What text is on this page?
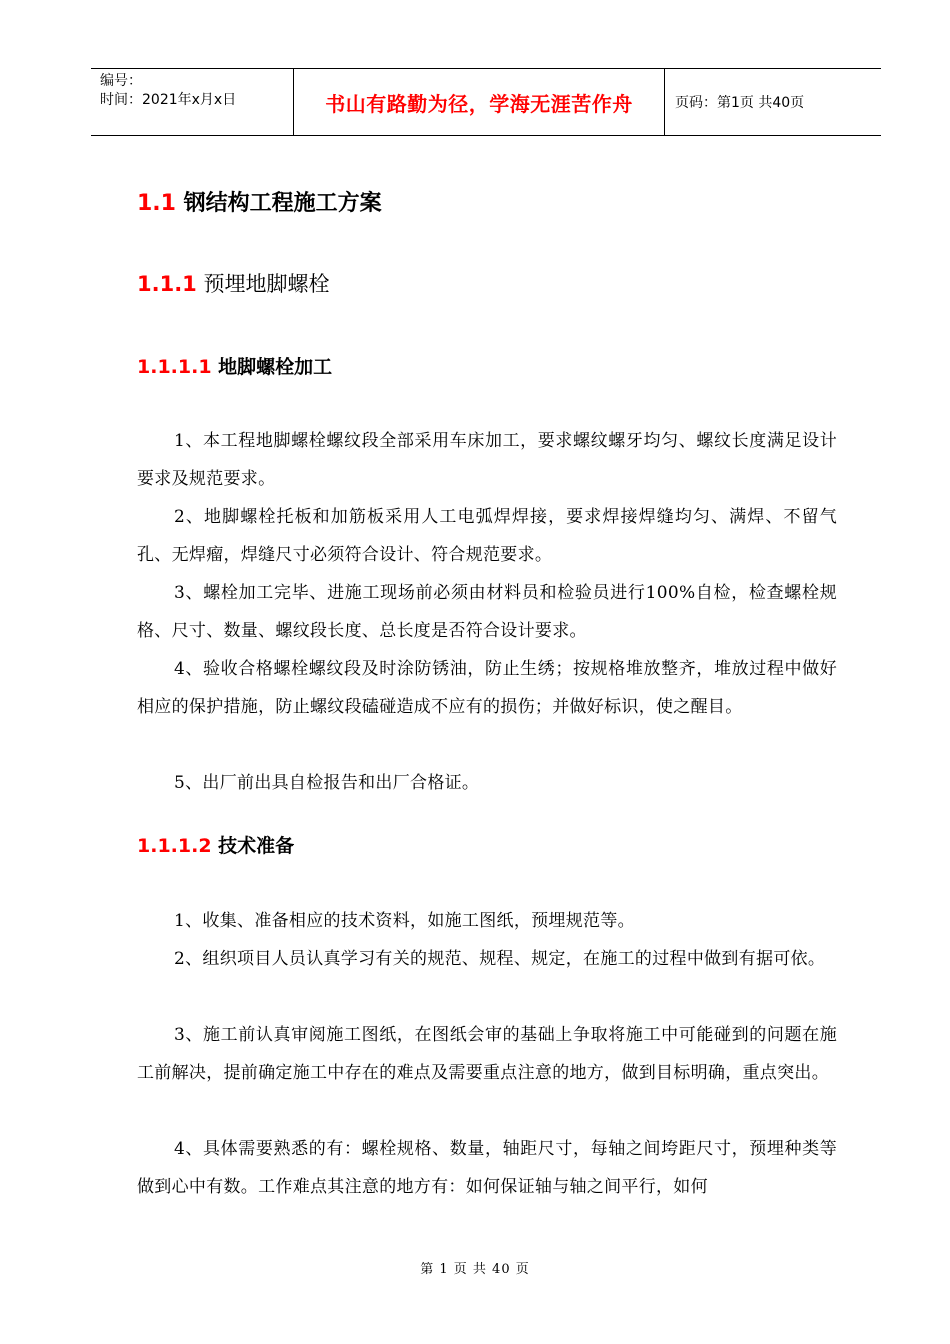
编号：
时间：2021年x月x日	书山有路勤为径，学海无涯苦作舟	页码：第1页 共40页
1.1 钢结构工程施工方案
1.1.1 预埋地脚螺栓
1.1.1.1 地脚螺栓加工

1、本工程地脚螺栓螺纹段全部采用车床加工，要求螺纹螺牙均匀、螺纹长度满足设计要求及规范要求。

2、地脚螺栓托板和加筋板采用人工电弧焊焊接，要求焊接焊缝均匀、满焊、不留气孔、无焊瘤，焊缝尺寸必须符合设计、符合规范要求。

3、螺栓加工完毕、进施工现场前必须由材料员和检验员进行100%自检，检查螺栓规格、尺寸、数量、螺纹段长度、总长度是否符合设计要求。

4、验收合格螺栓螺纹段及时涂防锈油，防止生绣；按规格堆放整齐，堆放过程中做好相应的保护措施，防止螺纹段磕碰造成不应有的损伤；并做好标识，使之醒目。

5、出厂前出具自检报告和出厂合格证。

1.1.1.2 技术准备

1、收集、准备相应的技术资料，如施工图纸，预埋规范等。

2、组织项目人员认真学习有关的规范、规程、规定，在施工的过程中做到有据可依。

3、施工前认真审阅施工图纸，在图纸会审的基础上争取将施工中可能碰到的问题在施工前解决，提前确定施工中存在的难点及需要重点注意的地方，做到目标明确，重点突出。

4、具体需要熟悉的有：螺栓规格、数量，轴距尺寸，每轴之间垮距尺寸，预埋种类等做到心中有数。工作难点其注意的地方有：如何保证轴与轴之间平行，如何

第 1 页 共 40 页
